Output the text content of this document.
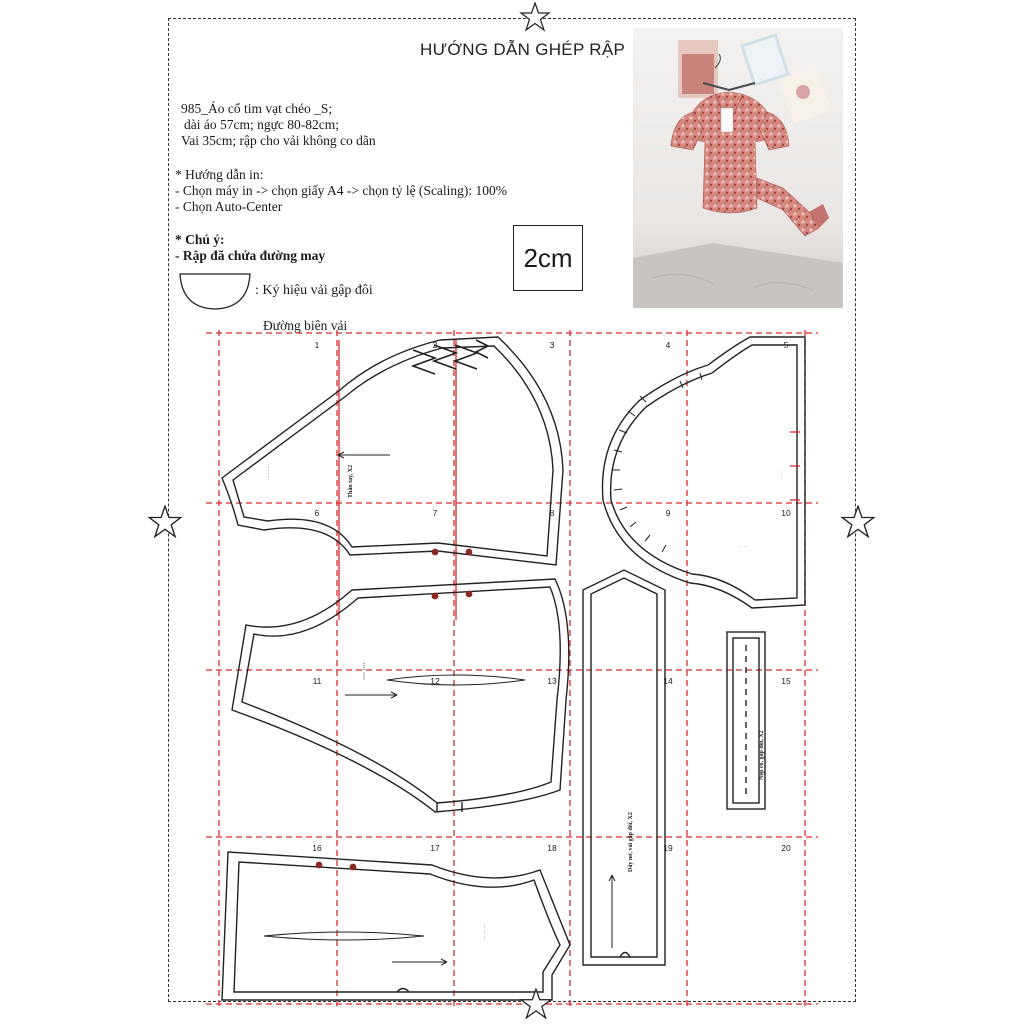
HƯỚNG DẪN GHÉP RẬP
985_Áo cổ tim vạt chéo _S;
dài áo 57cm; ngực 80-82cm;
Vai 35cm; rập cho vải không co dãn
* Hướng dẫn in:
- Chọn máy in -> chọn giấy A4 -> chọn tỷ lệ (Scaling): 100%
- Chọn Auto-Center
* Chú ý:
- Rập đã chứa đường may	2cm
: Ký hiệu vải gập đôi
Đường biên vải
1	2	3	4	5
6	7	8	9	10
11	12	13	14	15
16	17	18	19	20
··· ··· ···	Thân tay, X2
···· ····
··· ··· ···
· · · ·
·· ··
Dây nơ, vải gập đôi, X2
Nẹp cổ, gấp đôi, X2
